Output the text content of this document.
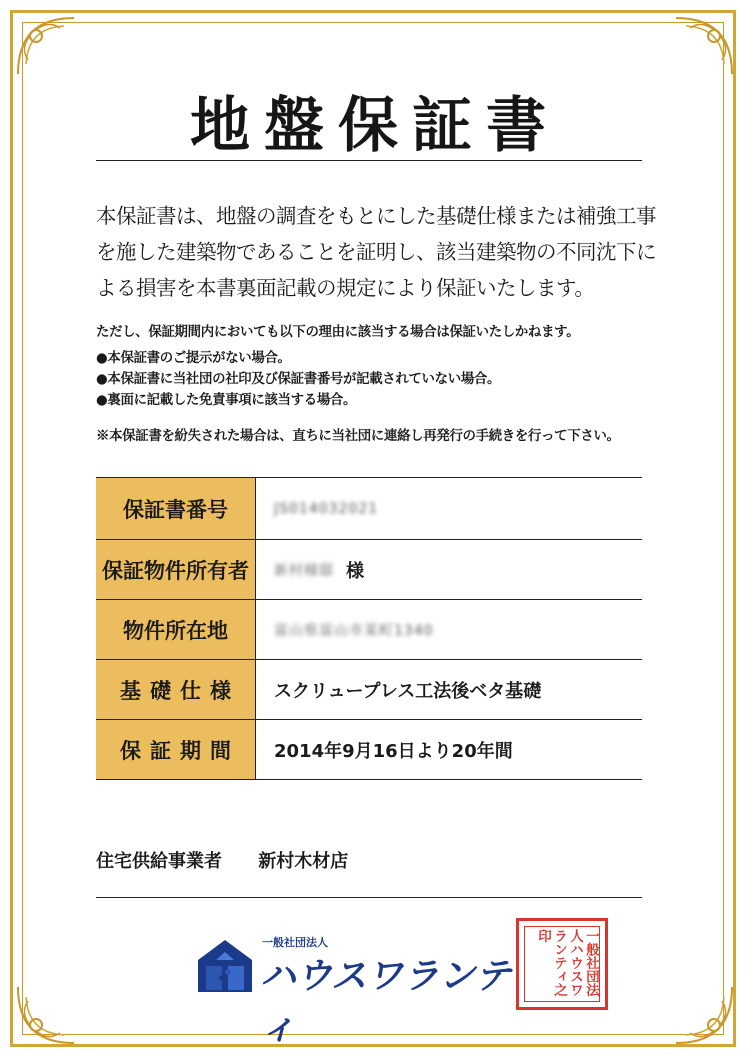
地盤保証書
本保証書は、地盤の調査をもとにした基礎仕様または補強工事を施した建築物であることを証明し、該当建築物の不同沈下による損害を本書裏面記載の規定により保証いたします。
ただし、保証期間内においても以下の理由に該当する場合は保証いたしかねます。
●本保証書のご提示がない場合。
●本保証書に当社団の社印及び保証書番号が記載されていない場合。
●裏面に記載した免責事項に該当する場合。
※本保証書を紛失された場合は、直ちに当社団に連絡し再発行の手続きを行って下さい。
保証書番号	JS014032021
保証物件所有者	新村様邸 様
物件所在地	富山県富山市某町1340
基礎仕様	スクリュープレス工法後ベタ基礎
保証期間	2014年9月16日より20年間
住宅供給事業者 新村木材店
一般社団法人
ハウスワランティ
一般社団法人ハウスワランティ之印
